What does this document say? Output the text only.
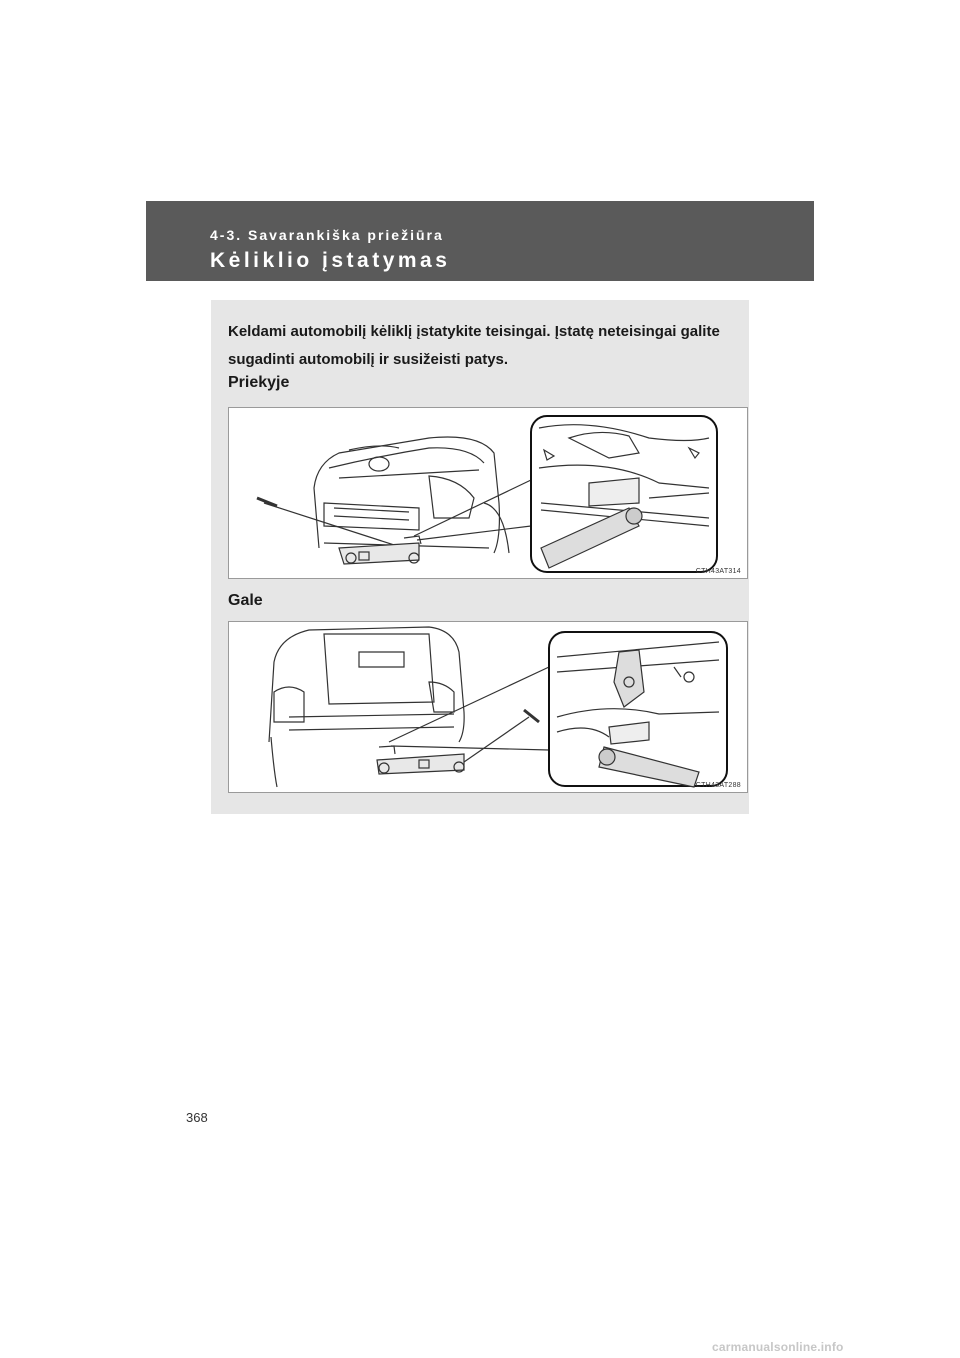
4-3. Savarankiška priežiūra
Kėliklio įstatymas
Keldami automobilį kėliklį įstatykite teisingai. Įstatę neteisingai galite sugadinti automobilį ir susižeisti patys.
Priekyje
CTH43AT314
Gale
CTH43AT288
368
carmanualsonline.info
